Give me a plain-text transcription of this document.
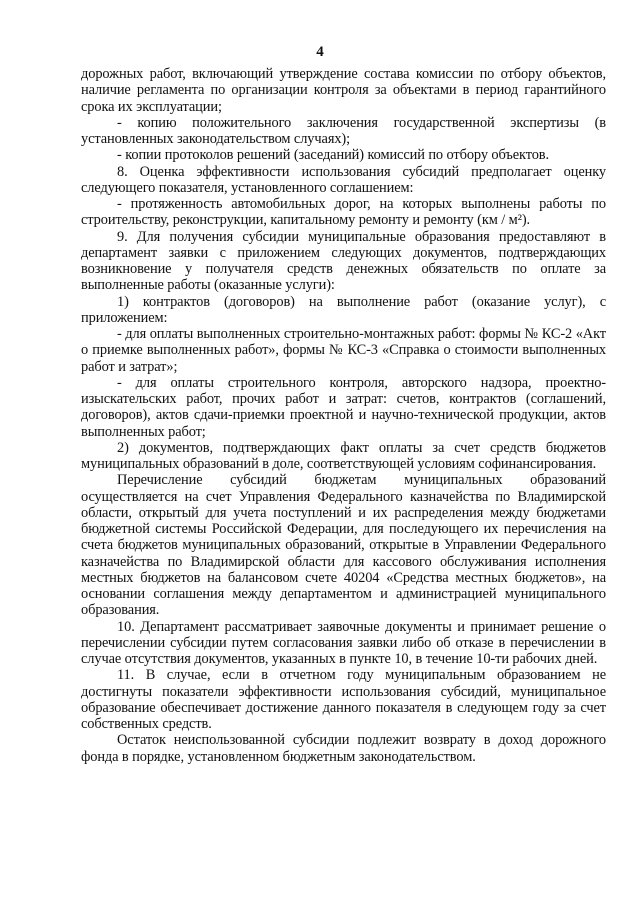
4

дорожных работ, включающий утверждение состава комиссии по отбору объектов, наличие регламента по организации контроля за объектами в период гарантийного срока их эксплуатации;

- копию положительного заключения государственной экспертизы (в установленных законодательством случаях);

- копии протоколов решений (заседаний) комиссий по отбору объектов.

8. Оценка эффективности использования субсидий предполагает оценку следующего показателя, установленного соглашением:

- протяженность автомобильных дорог, на которых выполнены работы по строительству, реконструкции, капитальному ремонту и ремонту (км / м²).

9. Для получения субсидии муниципальные образования предоставляют в департамент заявки с приложением следующих документов, подтверждающих возникновение у получателя средств денежных обязательств по оплате за выполненные работы (оказанные услуги):

1) контрактов (договоров) на выполнение работ (оказание услуг), с приложением:

- для оплаты выполненных строительно-монтажных работ: формы № КС-2 «Акт о приемке выполненных работ», формы № КС-3 «Справка о стоимости выполненных работ и затрат»;

- для оплаты строительного контроля, авторского надзора, проектно-изыскательских работ, прочих работ и затрат: счетов, контрактов (соглашений, договоров), актов сдачи-приемки проектной и научно-технической продукции, актов выполненных работ;

2) документов, подтверждающих факт оплаты за счет средств бюджетов муниципальных образований в доле, соответствующей условиям софинансирования.

Перечисление субсидий бюджетам муниципальных образований осуществляется на счет Управления Федерального казначейства по Владимирской области, открытый для учета поступлений и их распределения между бюджетами бюджетной системы Российской Федерации, для последующего их перечисления на счета бюджетов муниципальных образований, открытые в Управлении Федерального казначейства по Владимирской области для кассового обслуживания исполнения местных бюджетов на балансовом счете 40204 «Средства местных бюджетов», на основании соглашения между департаментом и администрацией муниципального образования.

10. Департамент рассматривает заявочные документы и принимает решение о перечислении субсидии путем согласования заявки либо об отказе в перечислении в случае отсутствия документов, указанных в пункте 10, в течение 10-ти рабочих дней.

11. В случае, если в отчетном году муниципальным образованием не достигнуты показатели эффективности использования субсидий, муниципальное образование обеспечивает достижение данного показателя в следующем году за счет собственных средств.

Остаток неиспользованной субсидии подлежит возврату в доход дорожного фонда в порядке, установленном бюджетным законодательством.
